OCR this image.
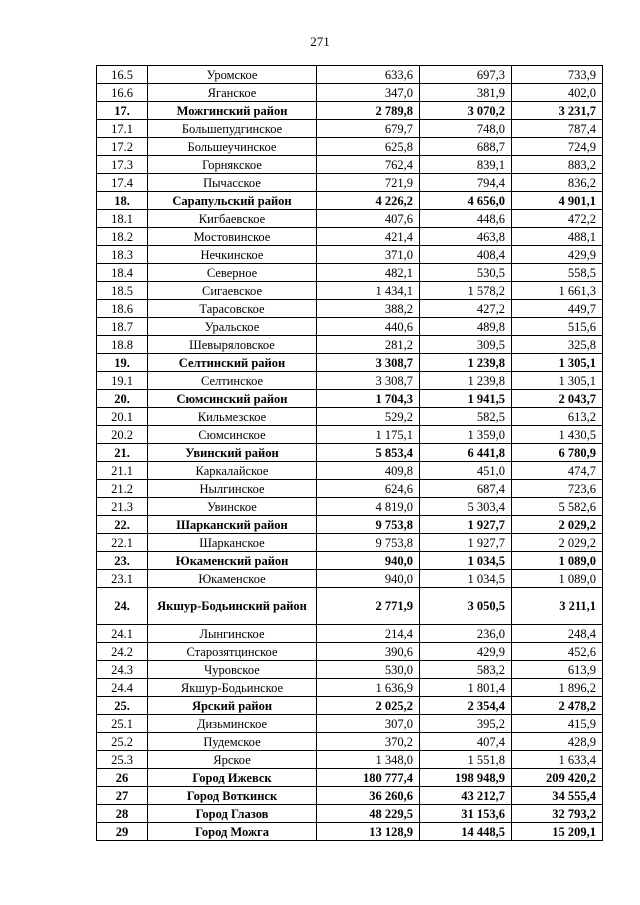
271
16.5	Уромское	633,6	697,3	733,9
16.6	Яганское	347,0	381,9	402,0
17.	Можгинский район	2 789,8	3 070,2	3 231,7
17.1	Большепудгинское	679,7	748,0	787,4
17.2	Большеучинское	625,8	688,7	724,9
17.3	Горнякское	762,4	839,1	883,2
17.4	Пычасское	721,9	794,4	836,2
18.	Сарапульский район	4 226,2	4 656,0	4 901,1
18.1	Кигбаевское	407,6	448,6	472,2
18.2	Мостовинское	421,4	463,8	488,1
18.3	Нечкинское	371,0	408,4	429,9
18.4	Северное	482,1	530,5	558,5
18.5	Сигаевское	1 434,1	1 578,2	1 661,3
18.6	Тарасовское	388,2	427,2	449,7
18.7	Уральское	440,6	489,8	515,6
18.8	Шевыряловское	281,2	309,5	325,8
19.	Селтинский район	3 308,7	1 239,8	1 305,1
19.1	Селтинское	3 308,7	1 239,8	1 305,1
20.	Сюмсинский район	1 704,3	1 941,5	2 043,7
20.1	Кильмезское	529,2	582,5	613,2
20.2	Сюмсинское	1 175,1	1 359,0	1 430,5
21.	Увинский район	5 853,4	6 441,8	6 780,9
21.1	Каркалайское	409,8	451,0	474,7
21.2	Нылгинское	624,6	687,4	723,6
21.3	Увинское	4 819,0	5 303,4	5 582,6
22.	Шарканский район	9 753,8	1 927,7	2 029,2
22.1	Шарканское	9 753,8	1 927,7	2 029,2
23.	Юкаменский район	940,0	1 034,5	1 089,0
23.1	Юкаменское	940,0	1 034,5	1 089,0
24.	Якшур-Бодьинский район	2 771,9	3 050,5	3 211,1
24.1	Лынгинское	214,4	236,0	248,4
24.2	Старозятцинское	390,6	429,9	452,6
24.3	Чуровское	530,0	583,2	613,9
24.4	Якшур-Бодьинское	1 636,9	1 801,4	1 896,2
25.	Ярский район	2 025,2	2 354,4	2 478,2
25.1	Дизьминское	307,0	395,2	415,9
25.2	Пудемское	370,2	407,4	428,9
25.3	Ярское	1 348,0	1 551,8	1 633,4
26	Город Ижевск	180 777,4	198 948,9	209 420,2
27	Город Воткинск	36 260,6	43 212,7	34 555,4
28	Город Глазов	48 229,5	31 153,6	32 793,2
29	Город Можга	13 128,9	14 448,5	15 209,1
